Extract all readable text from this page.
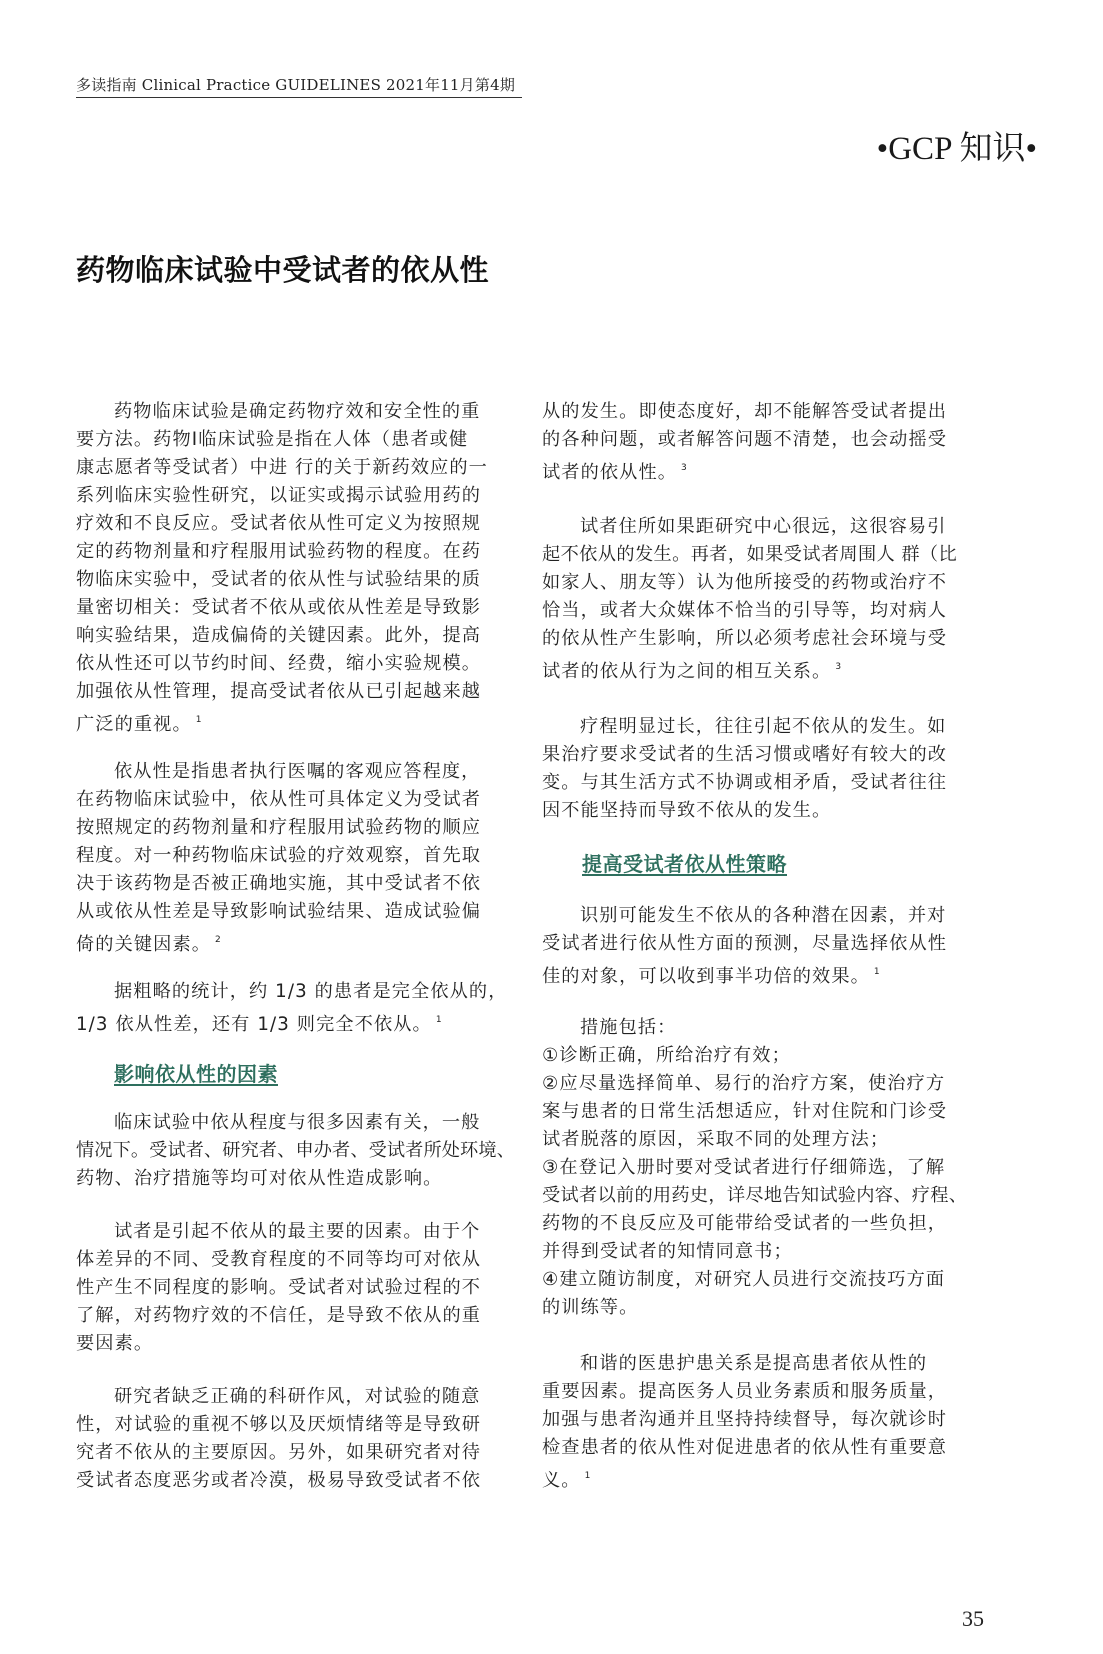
多读指南 Clinical Practice GUIDELINES 2021年11月第4期
•GCP 知识•
药物临床试验中受试者的依从性
药物临床试验是确定药物疗效和安全性的重
要方法。药物Ⅰ临床试验是指在人体（患者或健
康志愿者等受试者）中进 行的关于新药效应的一
系列临床实验性研究，以证实或揭示试验用药的
疗效和不良反应。受试者依从性可定义为按照规
定的药物剂量和疗程服用试验药物的程度。在药
物临床实验中，受试者的依从性与试验结果的质
量密切相关：受试者不依从或依从性差是导致影
响实验结果，造成偏倚的关键因素。此外，提高
依从性还可以节约时间、经费，缩小实验规模。
加强依从性管理，提高受试者依从已引起越来越
广泛的重视。 $^1$
依从性是指患者执行医嘱的客观应答程度，
在药物临床试验中，依从性可具体定义为受试者
按照规定的药物剂量和疗程服用试验药物的顺应
程度。对一种药物临床试验的疗效观察，首先取
决于该药物是否被正确地实施，其中受试者不依
从或依从性差是导致影响试验结果、造成试验偏
倚的关键因素。 $^2$
据粗略的统计，约 1/3 的患者是完全依从的，
1/3 依从性差，还有 1/3 则完全不依从。 $^1$
影响依从性的因素
临床试验中依从程度与很多因素有关，一般
情况下。受试者、研究者、申办者、受试者所处环境、
药物、治疗措施等均可对依从性造成影响。
试者是引起不依从的最主要的因素。由于个
体差异的不同、受教育程度的不同等均可对依从
性产生不同程度的影响。受试者对试验过程的不
了解，对药物疗效的不信任，是导致不依从的重
要因素。
研究者缺乏正确的科研作风，对试验的随意
性，对试验的重视不够以及厌烦情绪等是导致研
究者不依从的主要原因。另外，如果研究者对待
受试者态度恶劣或者冷漠，极易导致受试者不依
从的发生。即使态度好，却不能解答受试者提出
的各种问题，或者解答问题不清楚，也会动摇受
试者的依从性。 $^3$
试者住所如果距研究中心很远，这很容易引
起不依从的发生。再者，如果受试者周围人 群（比
如家人、朋友等）认为他所接受的药物或治疗不
恰当，或者大众媒体不恰当的引导等，均对病人
的依从性产生影响，所以必须考虑社会环境与受
试者的依从行为之间的相互关系。 $^3$
疗程明显过长，往往引起不依从的发生。如
果治疗要求受试者的生活习惯或嗜好有较大的改
变。与其生活方式不协调或相矛盾，受试者往往
因不能坚持而导致不依从的发生。
提高受试者依从性策略
识别可能发生不依从的各种潜在因素，并对
受试者进行依从性方面的预测，尽量选择依从性
佳的对象，可以收到事半功倍的效果。 $^1$
措施包括：
①诊断正确，所给治疗有效；
②应尽量选择简单、易行的治疗方案，使治疗方
案与患者的日常生活想适应，针对住院和门诊受
试者脱落的原因，采取不同的处理方法；
③在登记入册时要对受试者进行仔细筛选，了解
受试者以前的用药史，详尽地告知试验内容、疗程、
药物的不良反应及可能带给受试者的一些负担，
并得到受试者的知情同意书；
④建立随访制度，对研究人员进行交流技巧方面
的训练等。
和谐的医患护患关系是提高患者依从性的
重要因素。提高医务人员业务素质和服务质量，
加强与患者沟通并且坚持持续督导，每次就诊时
检查患者的依从性对促进患者的依从性有重要意
义。 $^1$
35
